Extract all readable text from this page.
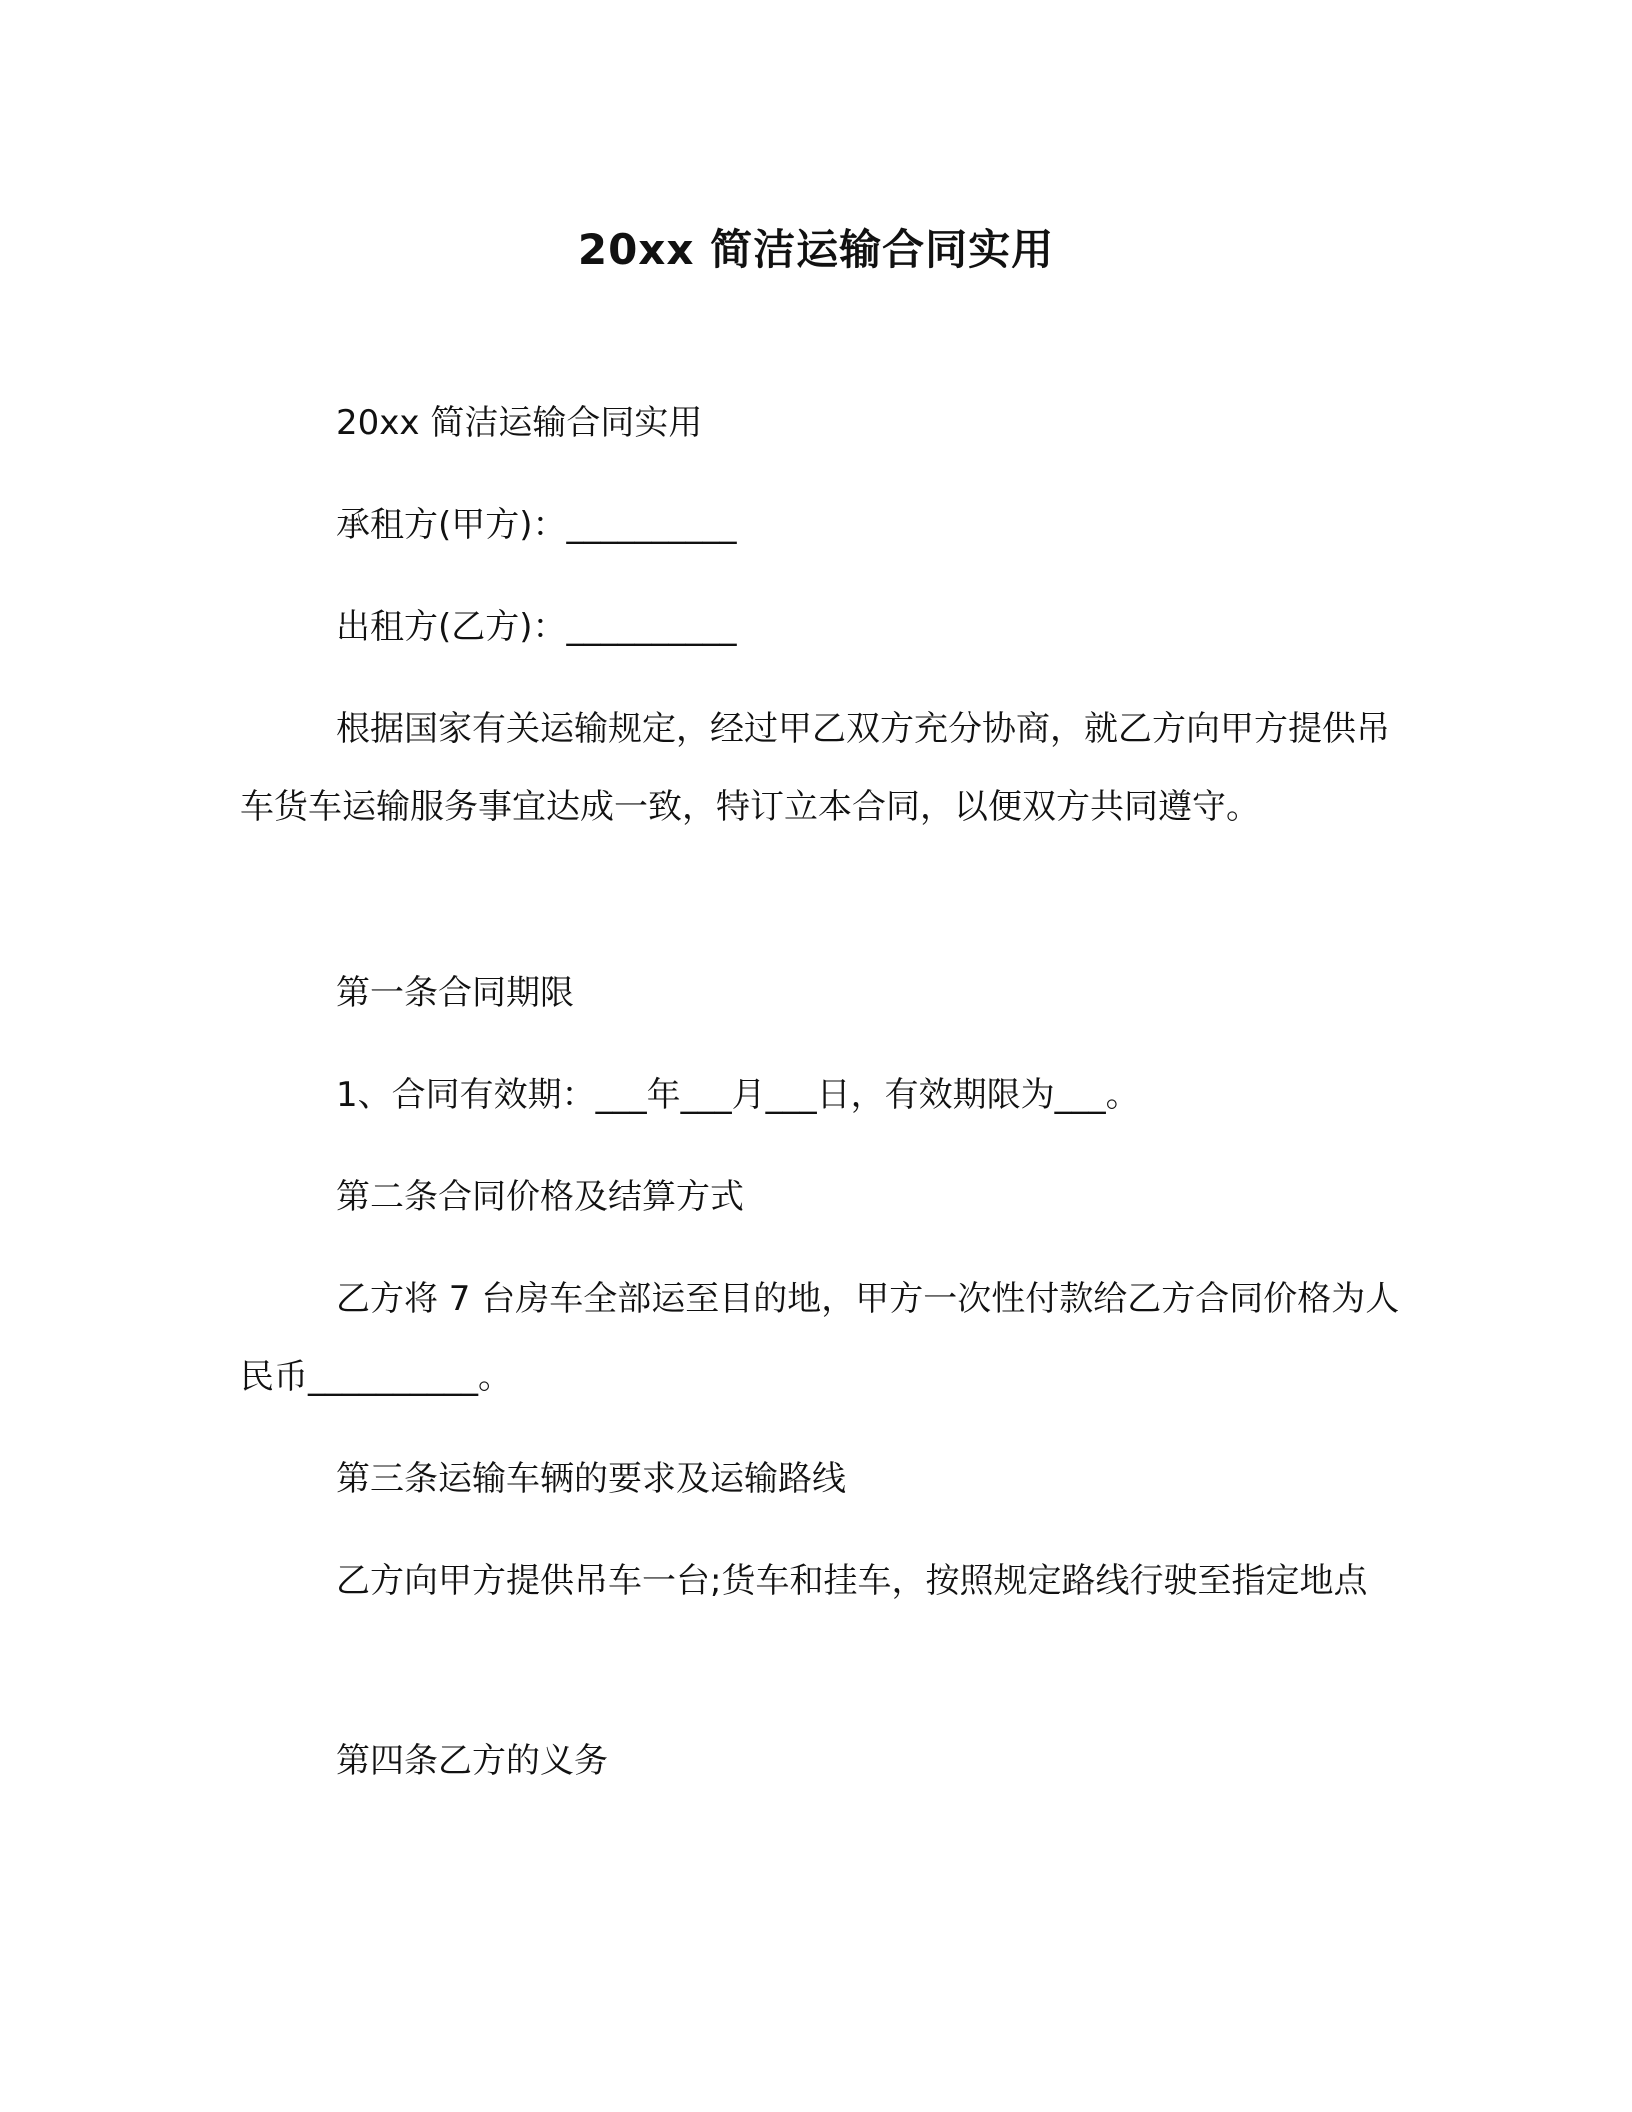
20xx 简洁运输合同实用

20xx 简洁运输合同实用

承租方(甲方)：__________

出租方(乙方)：__________

根据国家有关运输规定，经过甲乙双方充分协商，就乙方向甲方提供吊车货车运输服务事宜达成一致，特订立本合同，以便双方共同遵守。

第一条合同期限

1、合同有效期：___年___月___日，有效期限为___。

第二条合同价格及结算方式

乙方将 7 台房车全部运至目的地，甲方一次性付款给乙方合同价格为人民币__________。

第三条运输车辆的要求及运输路线

乙方向甲方提供吊车一台;货车和挂车，按照规定路线行驶至指定地点

第四条乙方的义务
